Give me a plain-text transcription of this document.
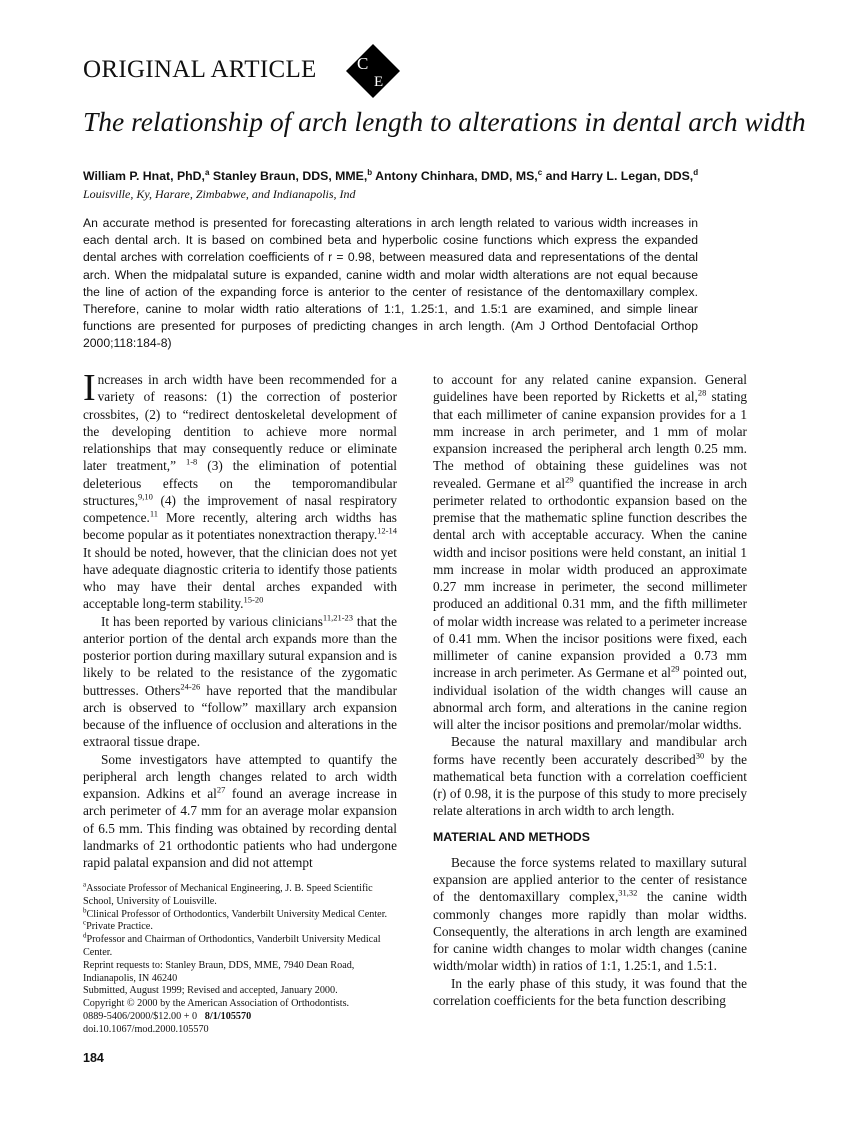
ORIGINAL ARTICLE C
E
The relationship of arch length to alterations in dental arch width
William P. Hnat, PhD,$^a$ Stanley Braun, DDS, MME,$^b$ Antony Chinhara, DMD, MS,$^c$ and Harry L. Legan, DDS,$^d$
Louisville, Ky, Harare, Zimbabwe, and Indianapolis, Ind
An accurate method is presented for forecasting alterations in arch length related to various width increases in each dental arch. It is based on combined beta and hyperbolic cosine functions which express the expanded dental arches with correlation coefficients of r = 0.98, between measured data and representations of the dental arch. When the midpalatal suture is expanded, canine width and molar width alterations are not equal because the line of action of the expanding force is anterior to the center of resistance of the dentomaxillary complex. Therefore, canine to molar width ratio alterations of 1:1, 1.25:1, and 1.5:1 are examined, and simple linear functions are presented for purposes of predicting changes in arch length. (Am J Orthod Dentofacial Orthop 2000;118:184-8)

Increases in arch width have been recommended for a variety of reasons: (1) the correction of posterior crossbites, (2) to “redirect dentoskeletal development of the developing dentition to achieve more normal relationships that may consequently reduce or eliminate later treatment,” $^{1-8}$ (3) the elimination of potential deleterious effects on the temporomandibular structures,$^{9,10}$ (4) the improvement of nasal respiratory competence.$^{11}$ More recently, altering arch widths has become popular as it potentiates nonextraction therapy.$^{12-14}$ It should be noted, however, that the clinician does not yet have adequate diagnostic criteria to identify those patients who may have their dental arches expanded with acceptable long-term stability.$^{15-20}$

It has been reported by various clinicians$^{11,21-23}$ that the anterior portion of the dental arch expands more than the posterior portion during maxillary sutural expansion and is likely to be related to the resistance of the zygomatic buttresses. Others$^{24-26}$ have reported that the mandibular arch is observed to “follow” maxillary arch expansion because of the influence of occlusion and alterations in the extraoral tissue drape.

Some investigators have attempted to quantify the peripheral arch length changes related to arch width expansion. Adkins et $al^{27}$ found an average increase in arch perimeter of 4.7 mm for an average molar expansion of 6.5 mm. This finding was obtained by recording dental landmarks of 21 orthodontic patients who had undergone rapid palatal expansion and did not attempt

to account for any related canine expansion. General guidelines have been reported by Ricketts et al,$^{28}$ stating that each millimeter of canine expansion provides for a 1 mm increase in arch perimeter, and 1 mm of molar expansion increased the peripheral arch length 0.25 mm. The method of obtaining these guidelines was not revealed. Germane et $al^{29}$ quantified the increase in arch perimeter related to orthodontic expansion based on the premise that the mathematic spline function describes the dental arch with acceptable accuracy. When the canine width and incisor positions were held constant, an initial 1 mm increase in molar width produced an approximate 0.27 mm increase in perimeter, the second millimeter produced an additional 0.31 mm, and the fifth millimeter of molar width increase was related to a perimeter increase of 0.41 mm. When the incisor positions were fixed, each millimeter of canine expansion provided a 0.73 mm increase in arch perimeter. As Germane et $al^{29}$ pointed out, individual isolation of the width changes will cause an abnormal arch form, and alterations in the canine region will alter the incisor positions and premolar/molar widths.

Because the natural maxillary and mandibular arch forms have recently been accurately described$^{30}$ by the mathematical beta function with a correlation coefficient (r) of 0.98, it is the purpose of this study to more precisely relate alterations in arch width to arch length.

MATERIAL AND METHODS

Because the force systems related to maxillary sutural expansion are applied anterior to the center of resistance of the dentomaxillary complex,$^{31,32}$ the canine width commonly changes more rapidly than molar widths. Consequently, the alterations in arch length are examined for canine width changes to molar width changes (canine width/molar width) in ratios of 1:1, 1.25:1, and 1.5:1.

In the early phase of this study, it was found that the correlation coefficients for the beta function describing

$^a$Associate Professor of Mechanical Engineering, J. B. Speed Scientific School, University of Louisville.
$^b$Clinical Professor of Orthodontics, Vanderbilt University Medical Center.
$^c$Private Practice.
$^d$Professor and Chairman of Orthodontics, Vanderbilt University Medical Center.
Reprint requests to: Stanley Braun, DDS, MME, 7940 Dean Road, Indianapolis, IN 46240
Submitted, August 1999; Revised and accepted, January 2000.
Copyright © 2000 by the American Association of Orthodontists.
0889-5406/2000/$12.00 + 0 8/1/105570
doi.10.1067/mod.2000.105570
184
